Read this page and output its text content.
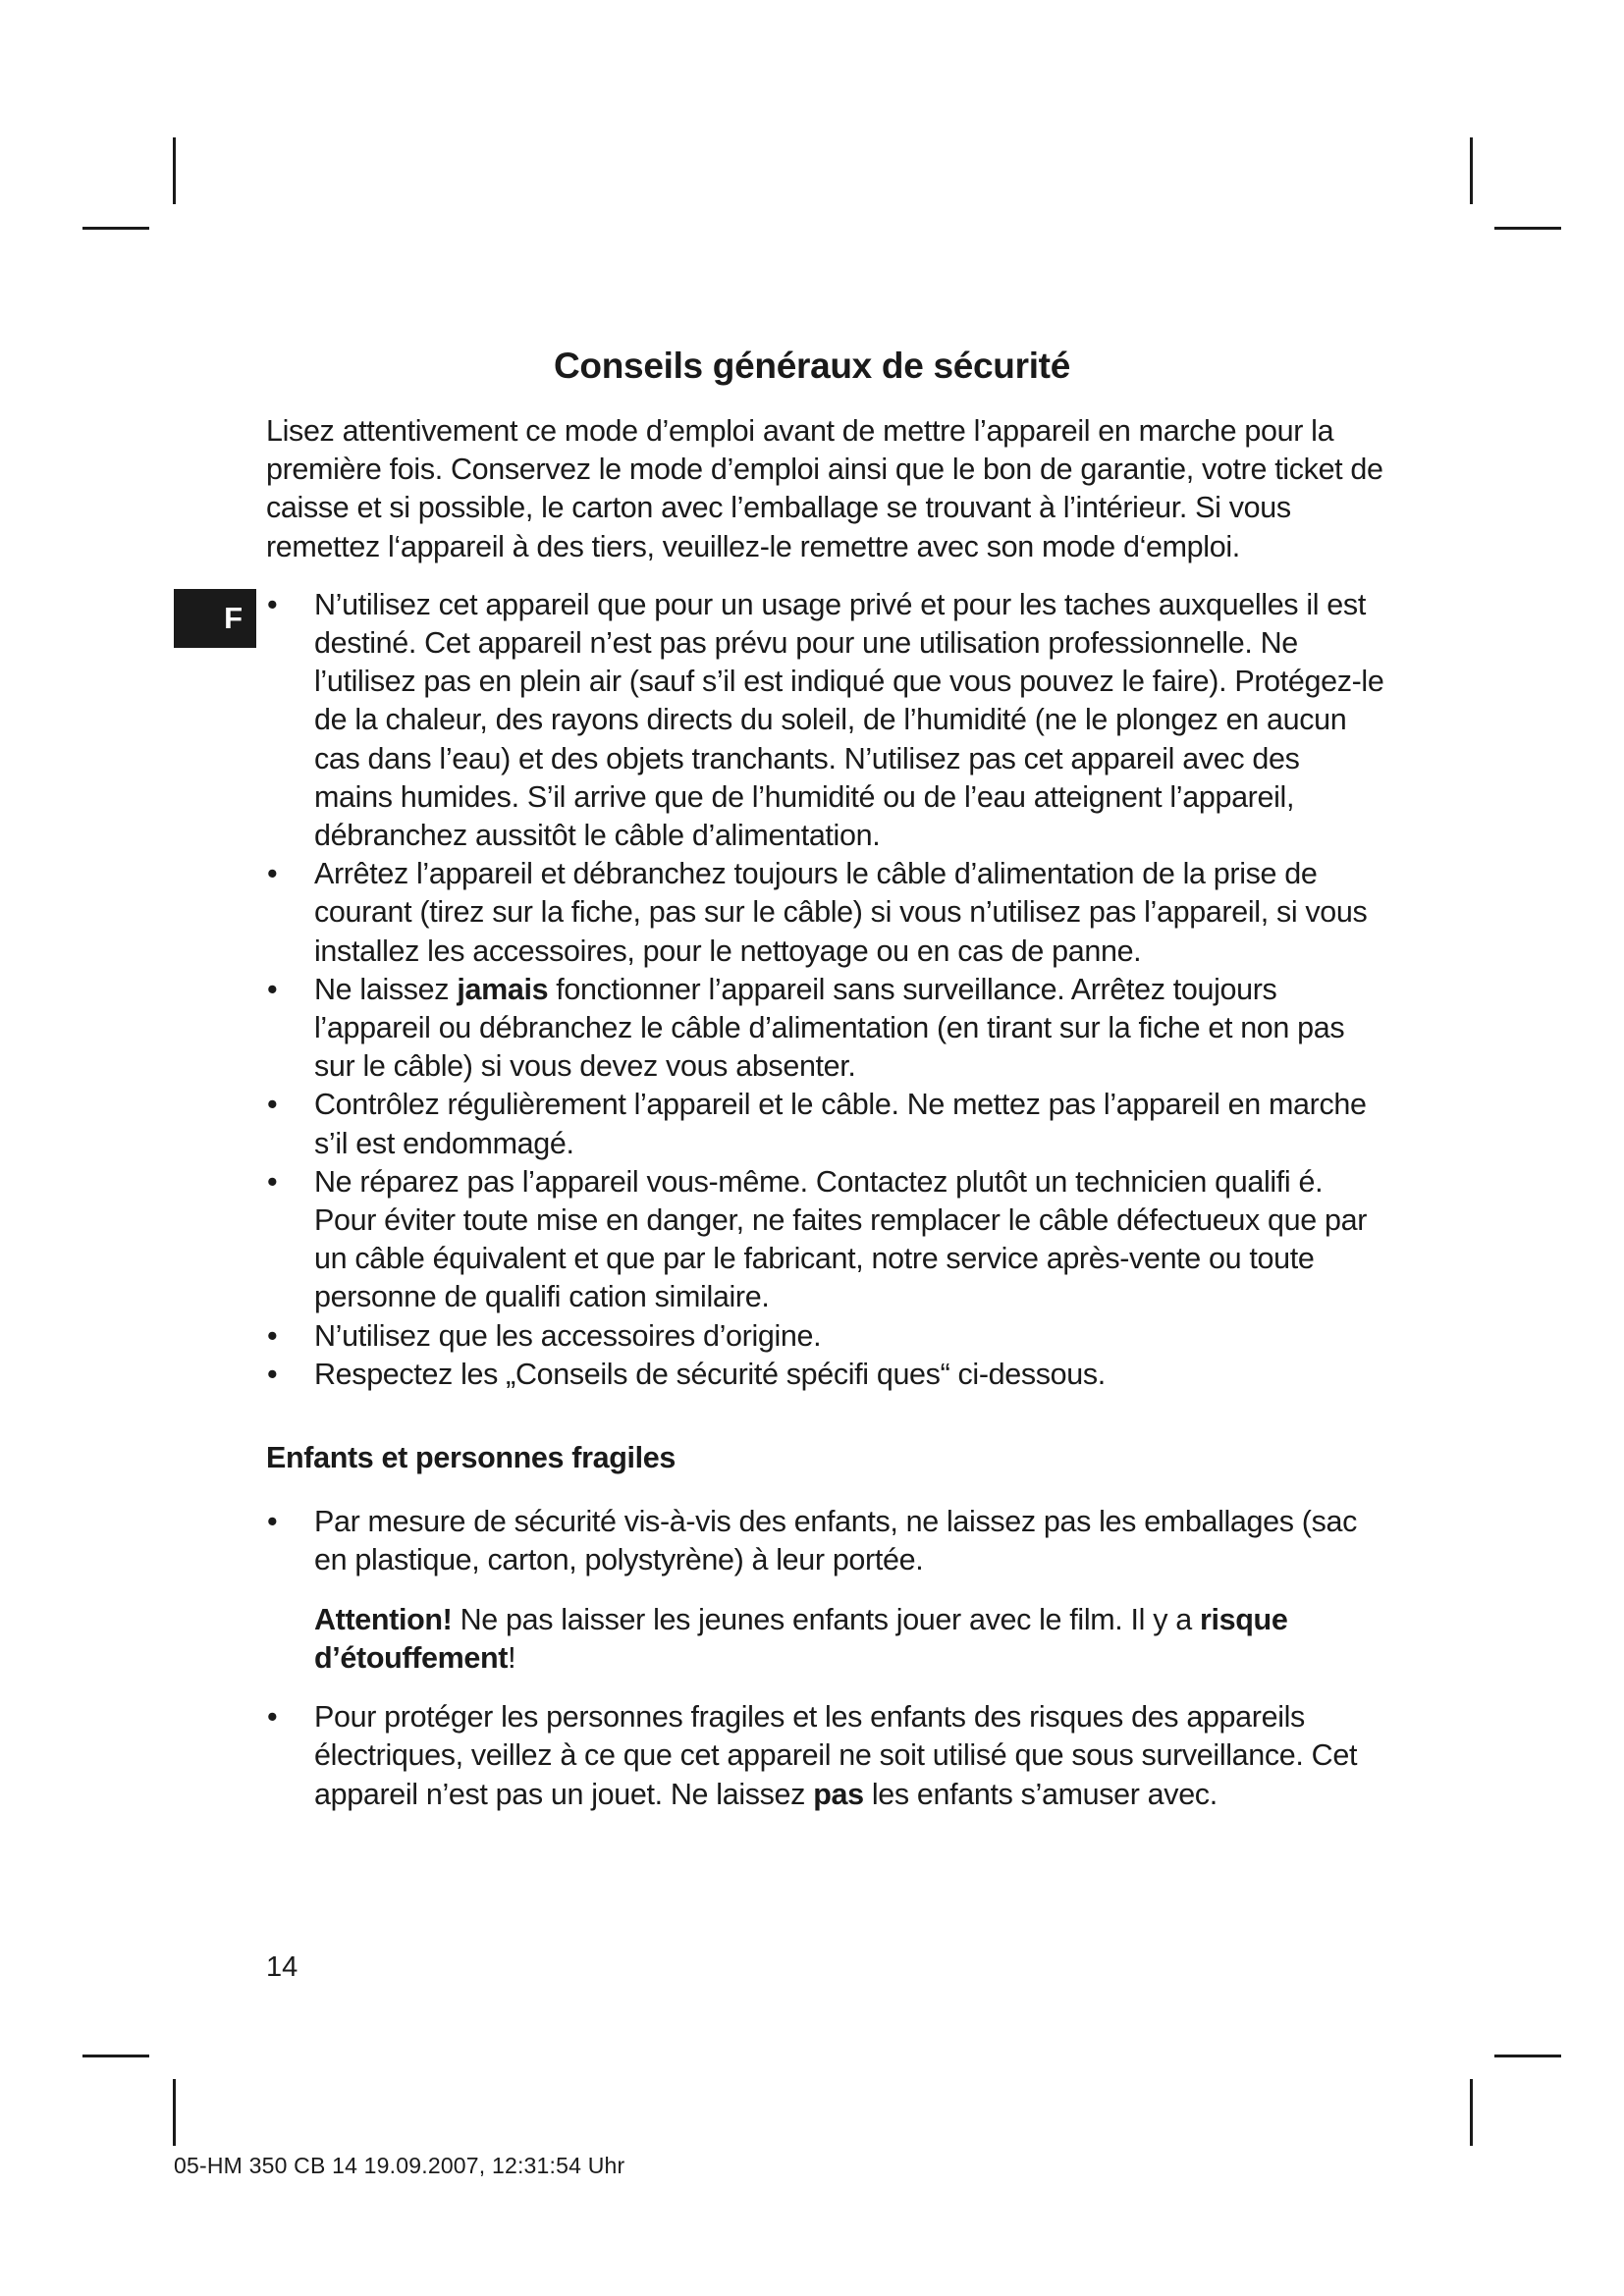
F
Conseils généraux de sécurité

Lisez attentivement ce mode d’emploi avant de mettre l’appareil en marche pour la première fois. Conservez le mode d’emploi ainsi que le bon de garantie, votre ticket de caisse et si possible, le carton avec l’emballage se trouvant à l’intérieur. Si vous remettez l‘appareil à des tiers, veuillez-le remettre avec son mode d‘emploi.

• N’utilisez cet appareil que pour un usage privé et pour les taches auxquelles il est destiné. Cet appareil n’est pas prévu pour une utilisation professionnelle. Ne l’utilisez pas en plein air (sauf s’il est indiqué que vous pouvez le faire). Protégez-le de la chaleur, des rayons directs du soleil, de l’humidité (ne le plongez en aucun cas dans l’eau) et des objets tranchants. N’utilisez pas cet appareil avec des mains humides. S’il arrive que de l’humidité ou de l’eau atteignent l’appareil, débranchez aussitôt le câble d’alimentation.

• Arrêtez l’appareil et débranchez toujours le câble d’alimentation de la prise de courant (tirez sur la fiche, pas sur le câble) si vous n’utilisez pas l’appareil, si vous installez les accessoires, pour le nettoyage ou en cas de panne.

• Ne laissez jamais fonctionner l’appareil sans surveillance. Arrêtez toujours l’appareil ou débranchez le câble d’alimentation (en tirant sur la fiche et non pas sur le câble) si vous devez vous absenter.

• Contrôlez régulièrement l’appareil et le câble. Ne mettez pas l’appareil en marche s’il est endommagé.

• Ne réparez pas l’appareil vous-même. Contactez plutôt un technicien qualifi é. Pour éviter toute mise en danger, ne faites remplacer le câble défectueux que par un câble équivalent et que par le fabricant, notre service après-vente ou toute personne de qualifi cation similaire.

• N’utilisez que les accessoires d’origine.

• Respectez les „Conseils de sécurité spécifi ques“ ci-dessous.

Enfants et personnes fragiles

• Par mesure de sécurité vis-à-vis des enfants, ne laissez pas les emballages (sac en plastique, carton, polystyrène) à leur portée.

Attention! Ne pas laisser les jeunes enfants jouer avec le film. Il y a risque d’étouffement!

• Pour protéger les personnes fragiles et les enfants des risques des appareils électriques, veillez à ce que cet appareil ne soit utilisé que sous surveillance. Cet appareil n’est pas un jouet. Ne laissez pas les enfants s’amuser avec.

14
05-HM 350 CB 14 19.09.2007, 12:31:54 Uhr
